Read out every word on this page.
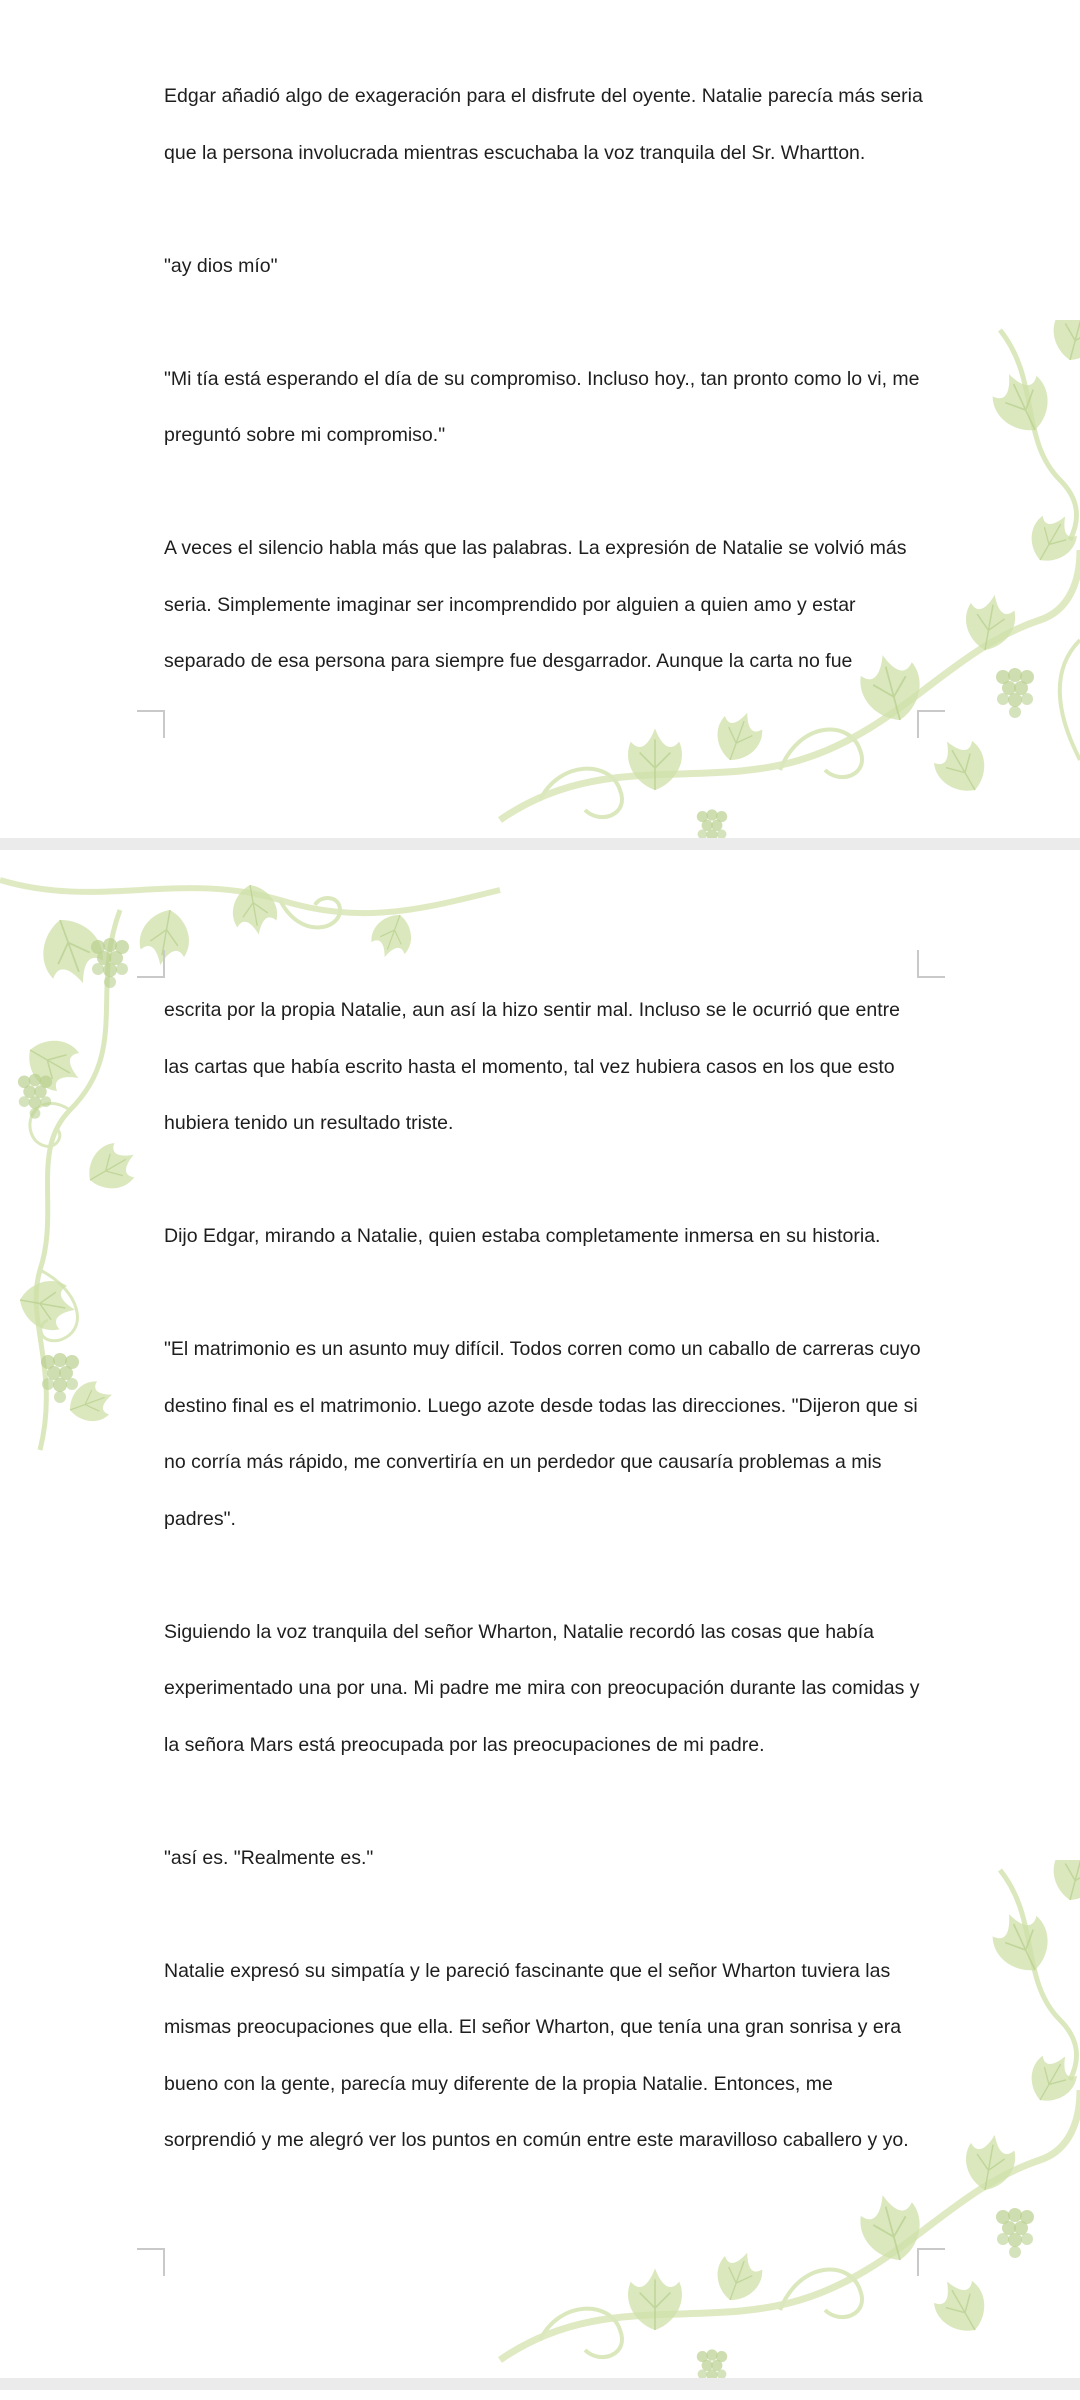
Edgar añadió algo de exageración para el disfrute del oyente. Natalie parecía más seria que la persona involucrada mientras escuchaba la voz tranquila del Sr. Whartton.

"ay dios mío"

"Mi tía está esperando el día de su compromiso. Incluso hoy., tan pronto como lo vi, me preguntó sobre mi compromiso."

A veces el silencio habla más que las palabras. La expresión de Natalie se volvió más seria. Simplemente imaginar ser incomprendido por alguien a quien amo y estar separado de esa persona para siempre fue desgarrador. Aunque la carta no fue

escrita por la propia Natalie, aun así la hizo sentir mal. Incluso se le ocurrió que entre las cartas que había escrito hasta el momento, tal vez hubiera casos en los que esto hubiera tenido un resultado triste.

Dijo Edgar, mirando a Natalie, quien estaba completamente inmersa en su historia.

"El matrimonio es un asunto muy difícil. Todos corren como un caballo de carreras cuyo destino final es el matrimonio. Luego azote desde todas las direcciones. "Dijeron que si no corría más rápido, me convertiría en un perdedor que causaría problemas a mis padres".

Siguiendo la voz tranquila del señor Wharton, Natalie recordó las cosas que había experimentado una por una. Mi padre me mira con preocupación durante las comidas y la señora Mars está preocupada por las preocupaciones de mi padre.

"así es. "Realmente es."

Natalie expresó su simpatía y le pareció fascinante que el señor Wharton tuviera las mismas preocupaciones que ella. El señor Wharton, que tenía una gran sonrisa y era bueno con la gente, parecía muy diferente de la propia Natalie. Entonces, me sorprendió y me alegró ver los puntos en común entre este maravilloso caballero y yo.
